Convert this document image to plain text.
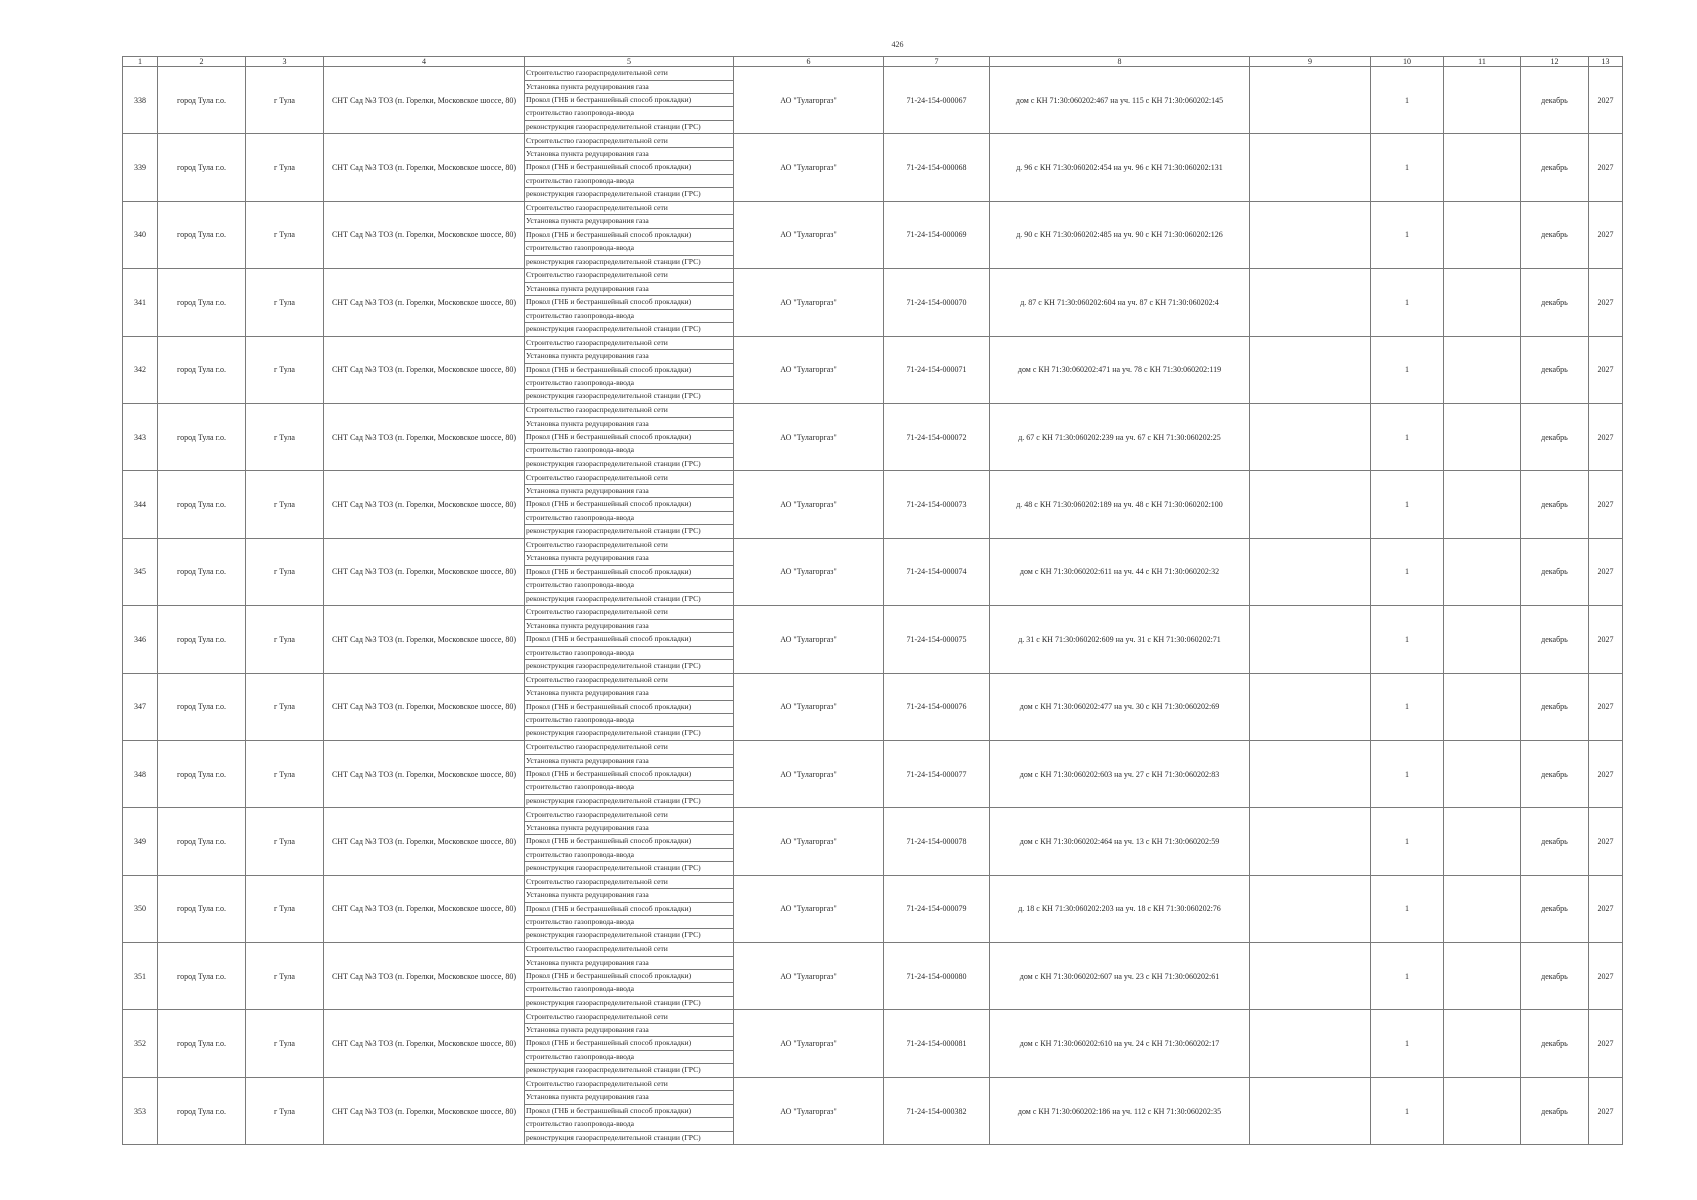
426
1	2	3	4	5	6	7	8	9	10	11	12	13
338	город Тула г.о.	г Тула	СНТ Сад №3 ТОЗ (п. Горелки, Московское шоссе, 80)	Строительство газораспределительной сети
Установка пункта редуцирования газа
Прокол (ГНБ и бестраншейный способ прокладки)
строительство газопровода-ввода
реконструкция газораспределительной станции (ГРС)	АО "Тулагоргаз"	71-24-154-000067	дом с КН 71:30:060202:467 на уч. 115 с КН 71:30:060202:145		1		декабрь	2027
339	город Тула г.о.	г Тула	СНТ Сад №3 ТОЗ (п. Горелки, Московское шоссе, 80)	Строительство газораспределительной сети
Установка пункта редуцирования газа
Прокол (ГНБ и бестраншейный способ прокладки)
строительство газопровода-ввода
реконструкция газораспределительной станции (ГРС)	АО "Тулагоргаз"	71-24-154-000068	д. 96 с КН 71:30:060202:454 на уч. 96 с КН 71:30:060202:131		1		декабрь	2027
340	город Тула г.о.	г Тула	СНТ Сад №3 ТОЗ (п. Горелки, Московское шоссе, 80)	Строительство газораспределительной сети
Установка пункта редуцирования газа
Прокол (ГНБ и бестраншейный способ прокладки)
строительство газопровода-ввода
реконструкция газораспределительной станции (ГРС)	АО "Тулагоргаз"	71-24-154-000069	д. 90 с КН 71:30:060202:485 на уч. 90 с КН 71:30:060202:126		1		декабрь	2027
341	город Тула г.о.	г Тула	СНТ Сад №3 ТОЗ (п. Горелки, Московское шоссе, 80)	Строительство газораспределительной сети
Установка пункта редуцирования газа
Прокол (ГНБ и бестраншейный способ прокладки)
строительство газопровода-ввода
реконструкция газораспределительной станции (ГРС)	АО "Тулагоргаз"	71-24-154-000070	д. 87 с КН 71:30:060202:604 на уч. 87 с КН 71:30:060202:4		1		декабрь	2027
342	город Тула г.о.	г Тула	СНТ Сад №3 ТОЗ (п. Горелки, Московское шоссе, 80)	Строительство газораспределительной сети
Установка пункта редуцирования газа
Прокол (ГНБ и бестраншейный способ прокладки)
строительство газопровода-ввода
реконструкция газораспределительной станции (ГРС)	АО "Тулагоргаз"	71-24-154-000071	дом с КН 71:30:060202:471 на уч. 78 с КН 71:30:060202:119		1		декабрь	2027
343	город Тула г.о.	г Тула	СНТ Сад №3 ТОЗ (п. Горелки, Московское шоссе, 80)	Строительство газораспределительной сети
Установка пункта редуцирования газа
Прокол (ГНБ и бестраншейный способ прокладки)
строительство газопровода-ввода
реконструкция газораспределительной станции (ГРС)	АО "Тулагоргаз"	71-24-154-000072	д. 67 с КН 71:30:060202:239 на уч. 67 с КН 71:30:060202:25		1		декабрь	2027
344	город Тула г.о.	г Тула	СНТ Сад №3 ТОЗ (п. Горелки, Московское шоссе, 80)	Строительство газораспределительной сети
Установка пункта редуцирования газа
Прокол (ГНБ и бестраншейный способ прокладки)
строительство газопровода-ввода
реконструкция газораспределительной станции (ГРС)	АО "Тулагоргаз"	71-24-154-000073	д. 48 с КН 71:30:060202:189 на уч. 48 с КН 71:30:060202:100		1		декабрь	2027
345	город Тула г.о.	г Тула	СНТ Сад №3 ТОЗ (п. Горелки, Московское шоссе, 80)	Строительство газораспределительной сети
Установка пункта редуцирования газа
Прокол (ГНБ и бестраншейный способ прокладки)
строительство газопровода-ввода
реконструкция газораспределительной станции (ГРС)	АО "Тулагоргаз"	71-24-154-000074	дом с КН 71:30:060202:611 на уч. 44 с КН 71:30:060202:32		1		декабрь	2027
346	город Тула г.о.	г Тула	СНТ Сад №3 ТОЗ (п. Горелки, Московское шоссе, 80)	Строительство газораспределительной сети
Установка пункта редуцирования газа
Прокол (ГНБ и бестраншейный способ прокладки)
строительство газопровода-ввода
реконструкция газораспределительной станции (ГРС)	АО "Тулагоргаз"	71-24-154-000075	д. 31 с КН 71:30:060202:609 на уч. 31 с КН 71:30:060202:71		1		декабрь	2027
347	город Тула г.о.	г Тула	СНТ Сад №3 ТОЗ (п. Горелки, Московское шоссе, 80)	Строительство газораспределительной сети
Установка пункта редуцирования газа
Прокол (ГНБ и бестраншейный способ прокладки)
строительство газопровода-ввода
реконструкция газораспределительной станции (ГРС)	АО "Тулагоргаз"	71-24-154-000076	дом с КН 71:30:060202:477 на уч. 30 с КН 71:30:060202:69		1		декабрь	2027
348	город Тула г.о.	г Тула	СНТ Сад №3 ТОЗ (п. Горелки, Московское шоссе, 80)	Строительство газораспределительной сети
Установка пункта редуцирования газа
Прокол (ГНБ и бестраншейный способ прокладки)
строительство газопровода-ввода
реконструкция газораспределительной станции (ГРС)	АО "Тулагоргаз"	71-24-154-000077	дом с КН 71:30:060202:603 на уч. 27 с КН 71:30:060202:83		1		декабрь	2027
349	город Тула г.о.	г Тула	СНТ Сад №3 ТОЗ (п. Горелки, Московское шоссе, 80)	Строительство газораспределительной сети
Установка пункта редуцирования газа
Прокол (ГНБ и бестраншейный способ прокладки)
строительство газопровода-ввода
реконструкция газораспределительной станции (ГРС)	АО "Тулагоргаз"	71-24-154-000078	дом с КН 71:30:060202:464 на уч. 13 с КН 71:30:060202:59		1		декабрь	2027
350	город Тула г.о.	г Тула	СНТ Сад №3 ТОЗ (п. Горелки, Московское шоссе, 80)	Строительство газораспределительной сети
Установка пункта редуцирования газа
Прокол (ГНБ и бестраншейный способ прокладки)
строительство газопровода-ввода
реконструкция газораспределительной станции (ГРС)	АО "Тулагоргаз"	71-24-154-000079	д. 18 с КН 71:30:060202:203 на уч. 18 с КН 71:30:060202:76		1		декабрь	2027
351	город Тула г.о.	г Тула	СНТ Сад №3 ТОЗ (п. Горелки, Московское шоссе, 80)	Строительство газораспределительной сети
Установка пункта редуцирования газа
Прокол (ГНБ и бестраншейный способ прокладки)
строительство газопровода-ввода
реконструкция газораспределительной станции (ГРС)	АО "Тулагоргаз"	71-24-154-000080	дом с КН 71:30:060202:607 на уч. 23 с КН 71:30:060202:61		1		декабрь	2027
352	город Тула г.о.	г Тула	СНТ Сад №3 ТОЗ (п. Горелки, Московское шоссе, 80)	Строительство газораспределительной сети
Установка пункта редуцирования газа
Прокол (ГНБ и бестраншейный способ прокладки)
строительство газопровода-ввода
реконструкция газораспределительной станции (ГРС)	АО "Тулагоргаз"	71-24-154-000081	дом с КН 71:30:060202:610 на уч. 24 с КН 71:30:060202:17		1		декабрь	2027
353	город Тула г.о.	г Тула	СНТ Сад №3 ТОЗ (п. Горелки, Московское шоссе, 80)	Строительство газораспределительной сети
Установка пункта редуцирования газа
Прокол (ГНБ и бестраншейный способ прокладки)
строительство газопровода-ввода
реконструкция газораспределительной станции (ГРС)	АО "Тулагоргаз"	71-24-154-000382	дом с КН 71:30:060202:186 на уч. 112 с КН 71:30:060202:35		1		декабрь	2027
